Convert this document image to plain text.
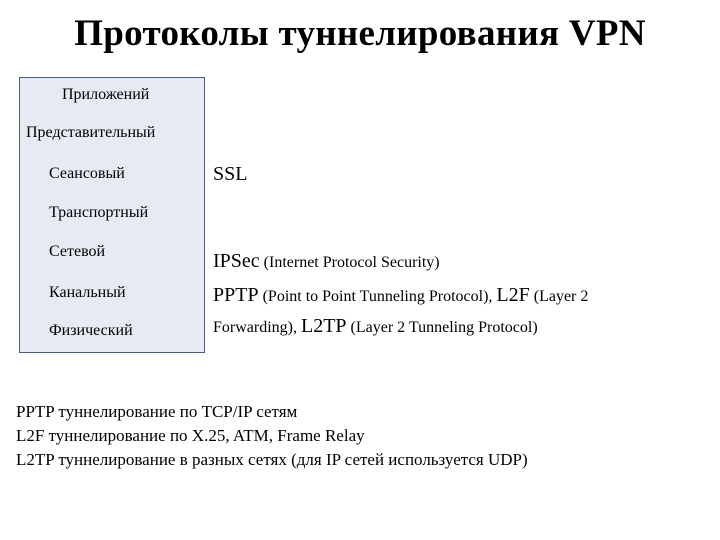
Протоколы туннелирования VPN
Приложений
Представительный
Сеансовый
Транспортный
Сетевой
Канальный
Физический
SSL
IPSec (Internet Protocol Security)
PPTP (Point to Point Tunneling Protocol), L2F (Layer 2
Forwarding), L2TP (Layer 2 Tunneling Protocol)
PPTP туннелирование по TCP/IP сетям
L2F туннелирование по X.25, ATM, Frame Relay
L2TP туннелирование в разных сетях (для IP сетей используется UDP)
